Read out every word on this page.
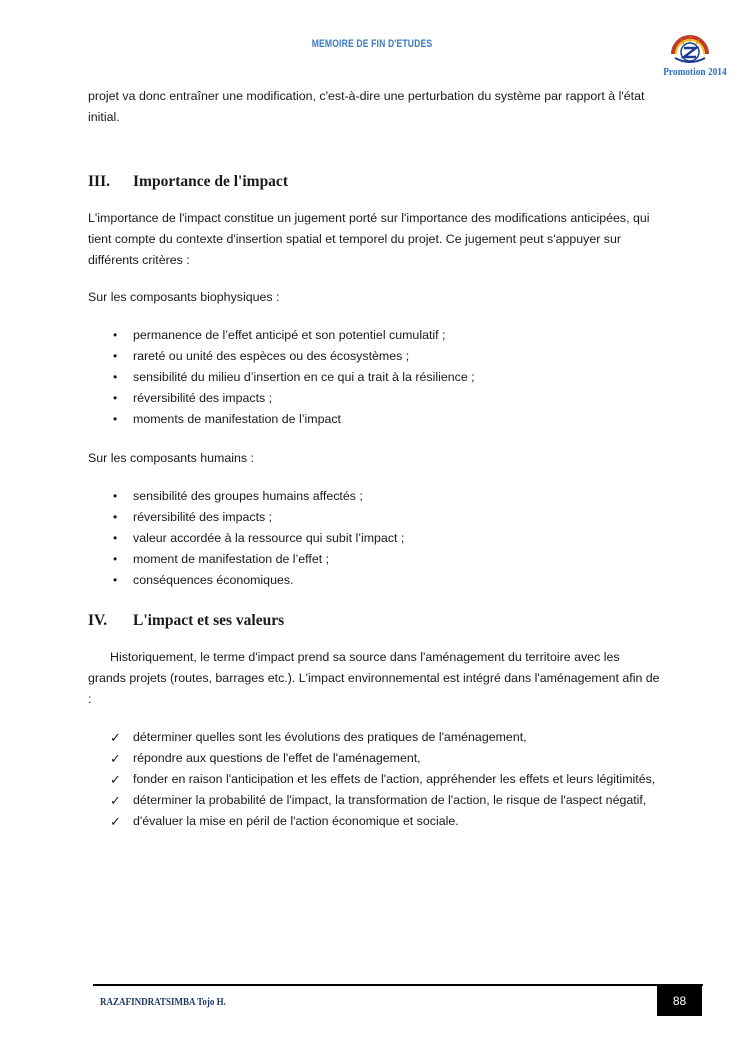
MEMOIRE DE FIN D'ETUDES
Promotion 2014

projet va donc entraîner une modification, c'est-à-dire une perturbation du système par rapport à l'état initial.

III. Importance de l'impact

L'importance de l'impact constitue un jugement porté sur l'importance des modifications anticipées, qui tient compte du contexte d'insertion spatial et temporel du projet. Ce jugement peut s'appuyer sur différents critères :

Sur les composants biophysiques :

• permanence de l’effet anticipé et son potentiel cumulatif ;
• rareté ou unité des espèces ou des écosystèmes ;
• sensibilité du milieu d’insertion en ce qui a trait à la résilience ;
• réversibilité des impacts ;
• moments de manifestation de l’impact

Sur les composants humains :

• sensibilité des groupes humains affectés ;
• réversibilité des impacts ;
• valeur accordée à la ressource qui subit l’impact ;
• moment de manifestation de l’effet ;
• conséquences économiques.
IV. L'impact et ses valeurs

Historiquement, le terme d'impact prend sa source dans l'aménagement du territoire avec les grands projets (routes, barrages etc.). L'impact environnemental est intégré dans l'aménagement afin de :

✓ déterminer quelles sont les évolutions des pratiques de l'aménagement,
✓ répondre aux questions de l'effet de l'aménagement,
✓ fonder en raison l'anticipation et les effets de l'action, appréhender les effets et leurs légitimités,
✓ déterminer la probabilité de l'impact, la transformation de l'action, le risque de l'aspect négatif,
✓ d'évaluer la mise en péril de l'action économique et sociale.
RAZAFINDRATSIMBA Tojo H.	88
